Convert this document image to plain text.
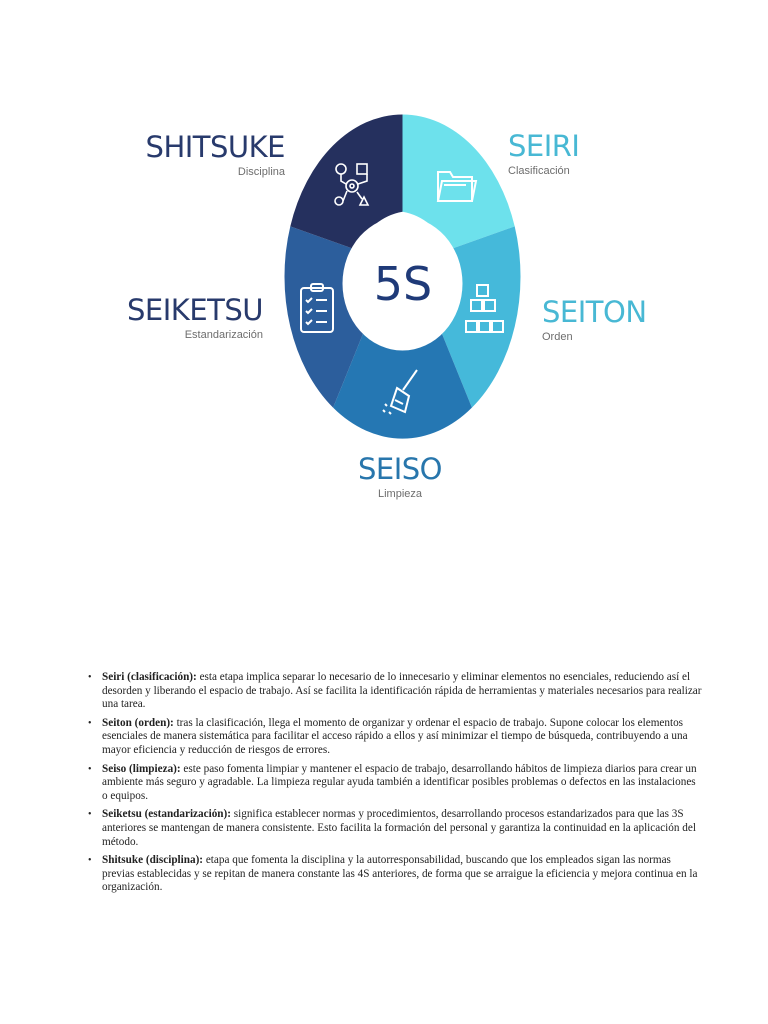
5S
SHITSUKE
Disciplina
SEIRI
Clasificación
SEITON
Orden
SEIKETSU
Estandarización
SEISO
Limpieza
• Seiri (clasificación): esta etapa implica separar lo necesario de lo innecesario y eliminar elementos no esenciales, reduciendo así el desorden y liberando el espacio de trabajo. Así se facilita la identificación rápida de herramientas y materiales necesarios para realizar una tarea.
• Seiton (orden): tras la clasificación, llega el momento de organizar y ordenar el espacio de trabajo. Supone colocar los elementos esenciales de manera sistemática para facilitar el acceso rápido a ellos y así minimizar el tiempo de búsqueda, contribuyendo a una mayor eficiencia y reducción de riesgos de errores.
• Seiso (limpieza): este paso fomenta limpiar y mantener el espacio de trabajo, desarrollando hábitos de limpieza diarios para crear un ambiente más seguro y agradable. La limpieza regular ayuda también a identificar posibles problemas o defectos en las instalaciones o equipos.
• Seiketsu (estandarización): significa establecer normas y procedimientos, desarrollando procesos estandarizados para que las 3S anteriores se mantengan de manera consistente. Esto facilita la formación del personal y garantiza la continuidad en la aplicación del método.
• Shitsuke (disciplina): etapa que fomenta la disciplina y la autorresponsabilidad, buscando que los empleados sigan las normas previas establecidas y se repitan de manera constante las 4S anteriores, de forma que se arraigue la eficiencia y mejora continua en la organización.
